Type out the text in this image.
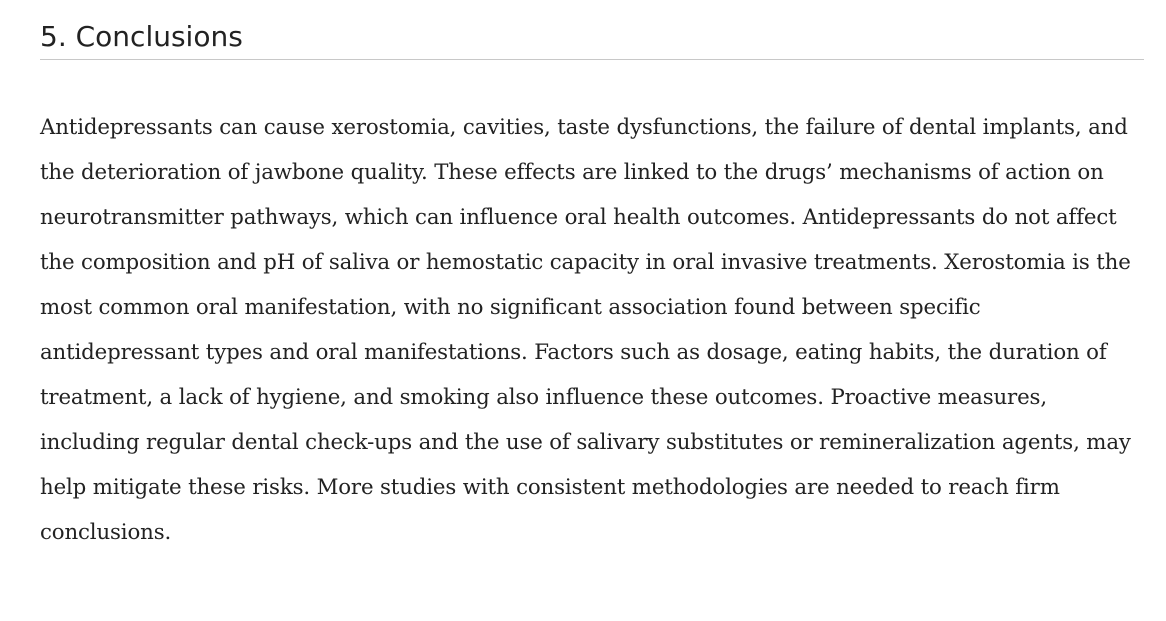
5. Conclusions

Antidepressants can cause xerostomia, cavities, taste dysfunctions, the failure of dental implants, and the deterioration of jawbone quality. These effects are linked to the drugs’ mechanisms of action on neurotransmitter pathways, which can influence oral health outcomes. Antidepressants do not affect the composition and pH of saliva or hemostatic capacity in oral invasive treatments. Xerostomia is the most common oral manifestation, with no significant association found between specific antidepressant types and oral manifestations. Factors such as dosage, eating habits, the duration of treatment, a lack of hygiene, and smoking also influence these outcomes. Proactive measures, including regular dental check-ups and the use of salivary substitutes or remineralization agents, may help mitigate these risks. More studies with consistent methodologies are needed to reach firm conclusions.
